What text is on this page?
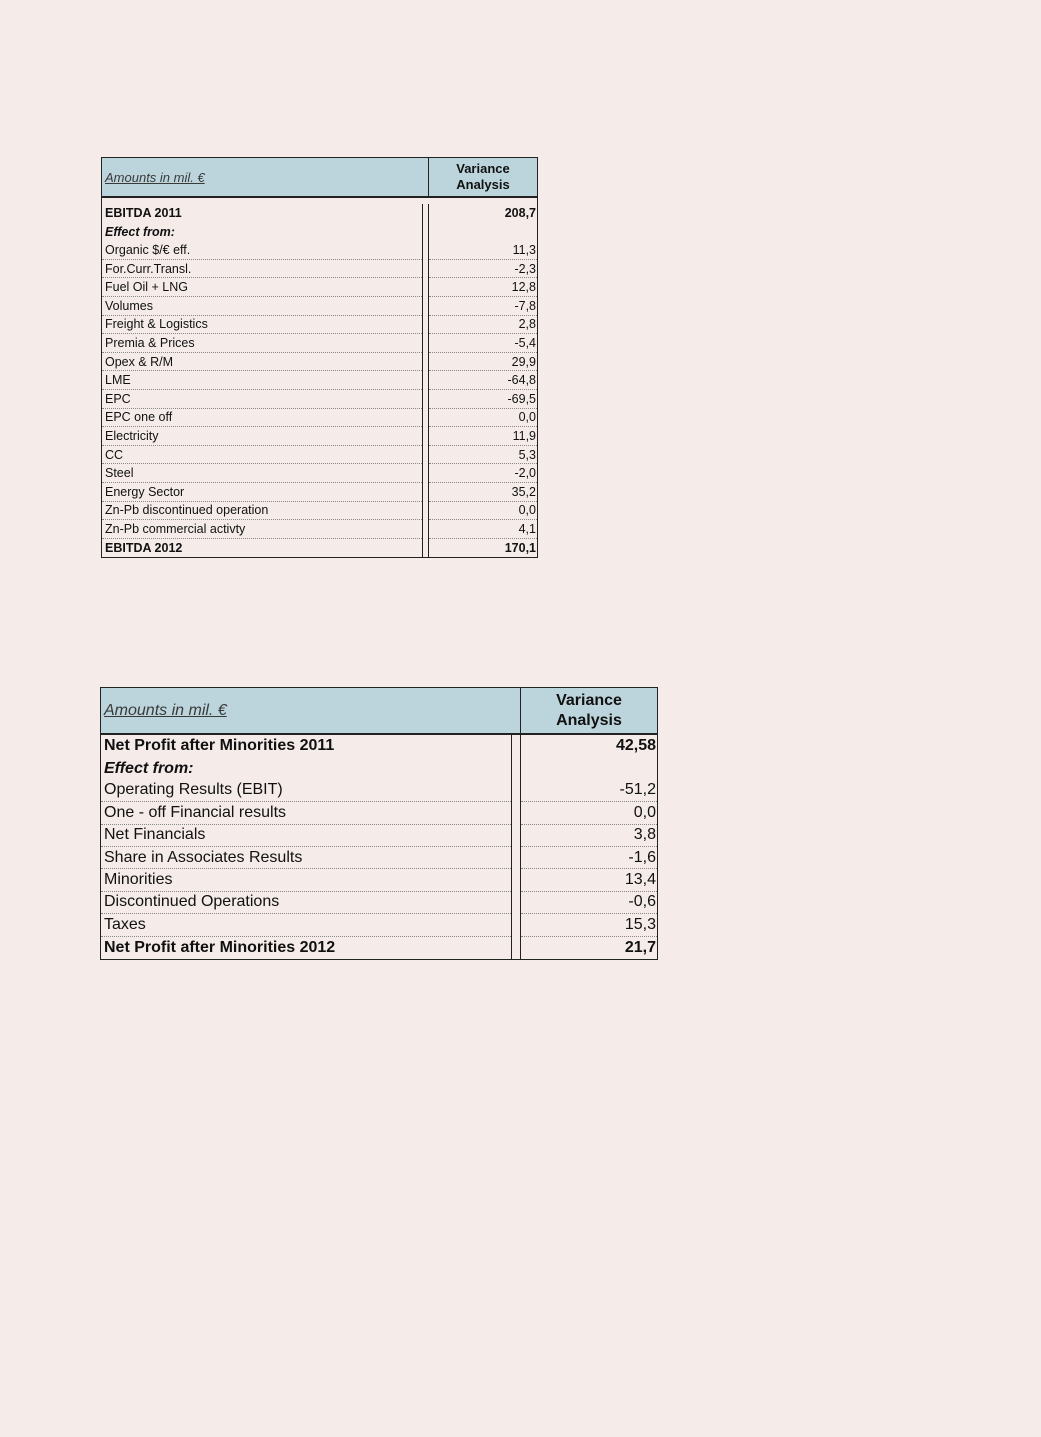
Amounts in mil. €
Variance
Analysis
EBITDA 2011
Effect from:
Organic $/€ eff.
For.Curr.Transl.
Fuel Oil + LNG
Volumes
Freight & Logistics
Premia & Prices
Opex & R/M
LME
EPC
EPC one off
Electricity
CC
Steel
Energy Sector
Zn-Pb discontinued operation
Zn-Pb commercial activty
EBITDA 2012
208,7
11,3
-2,3
12,8
-7,8
2,8
-5,4
29,9
-64,8
-69,5
0,0
11,9
5,3
-2,0
35,2
0,0
4,1
170,1
Amounts in mil. €
Variance
Analysis
Net Profit after Minorities 2011
Effect from:
Operating Results (EBIT)
One - off Financial results
Net Financials
Share in Associates Results
Minorities
Discontinued Operations
Taxes
Net Profit after Minorities 2012
42,58
-51,2
0,0
3,8
-1,6
13,4
-0,6
15,3
21,7
